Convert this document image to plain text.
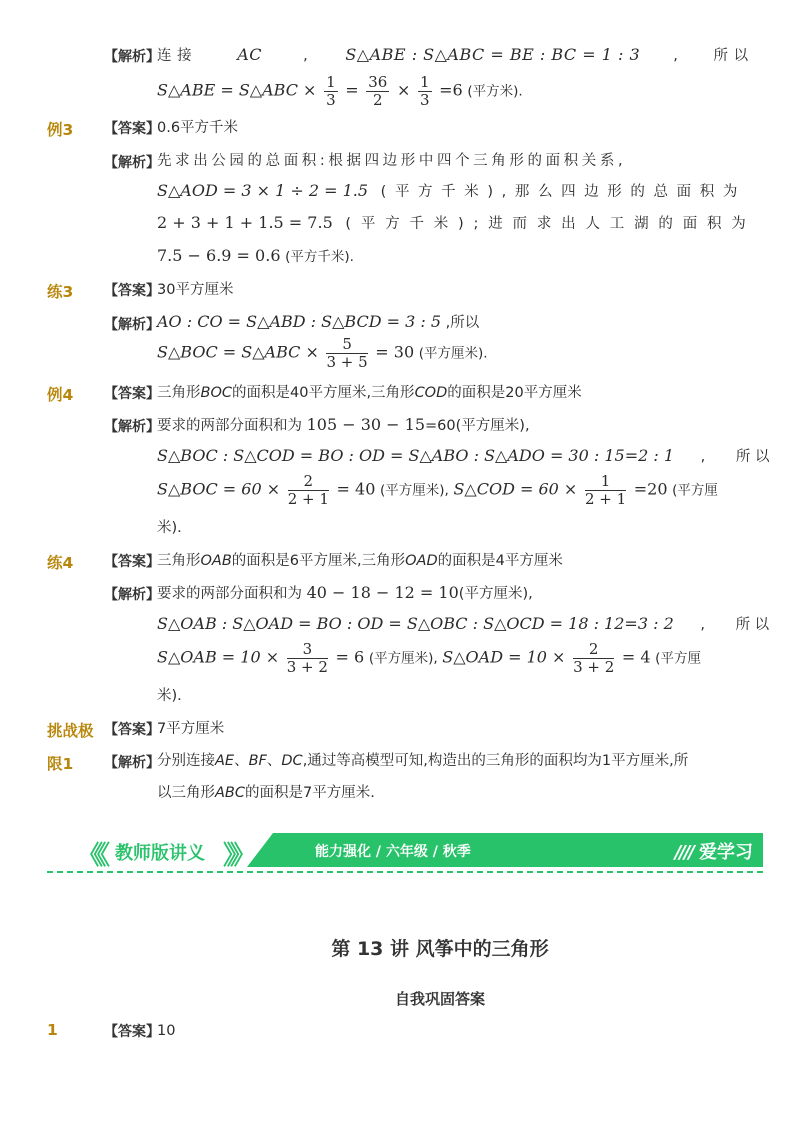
【解析】
连 接	AC	, S△ABE : S△ABC = BE : BC = 1 : 3 , 所 以
S△ABE = S△ABC × $\frac{1}{3} = \frac{36}{2} \times \frac{1}{3} =6$ (平方米).
例3 【答案】
0.6平方千米
【解析】
先求出公园的总面积:根据四边形中四个三角形的面积关系,
S△AOD = 3 × 1 ÷ 2 = 1.5 ( 平 方 千 米 ) , 那 么 四 边 形 的 总 面 积 为
2 + 3 + 1 + 1.5 = 7.5 ( 平 方 千 米 ) ; 进 而 求 出 人 工 湖 的 面 积 为
7.5 − 6.9 = 0.6 (平方千米).
练3 【答案】
30平方厘米
【解析】
AO : CO = S△ABD : S△BCD = 3 : 5 ,所以
S△BOC = S△ABC × $\frac{5}{3 + 5} = 30$ (平方厘米).
例4 【答案】
三角形BOC的面积是40平方厘米,三角形COD的面积是20平方厘米
【解析】
要求的两部分面积和为 105 − 30 − 15=60(平方厘米),
S△BOC : S△COD = BO : OD = S△ABO : S△ADO = 30 : 15=2 : 1 , 所 以
S△BOC = $60 \times \frac{2}{2 + 1} = 40$ (平方厘米), S△COD = $60 \times \frac{1}{2 + 1} =20$ (平方厘
米).
练4 【答案】
三角形OAB的面积是6平方厘米,三角形OAD的面积是4平方厘米
【解析】
要求的两部分面积和为 40 − 18 − 12 = 10(平方厘米),
S△OAB : S△OAD = BO : OD = S△OBC : S△OCD = 18 : 12=3 : 2 , 所 以
S△OAB = $10 \times \frac{3}{3 + 2} = 6$ (平方厘米), S△OAD = $10 \times \frac{2}{3 + 2} = 4$ (平方厘
米).
挑战极 【答案】
7平方厘米
限1 【解析】
分别连接AE、BF、DC,通过等高模型可知,构造出的三角形的面积均为1平方厘米,所
以三角形ABC的面积是7平方厘米.
《《 教师版讲义 》》	能力强化 / 六年级 / 秋季	//// 爱学习
第 13 讲 风筝中的三角形
自我巩固答案
1	【答案】
10
